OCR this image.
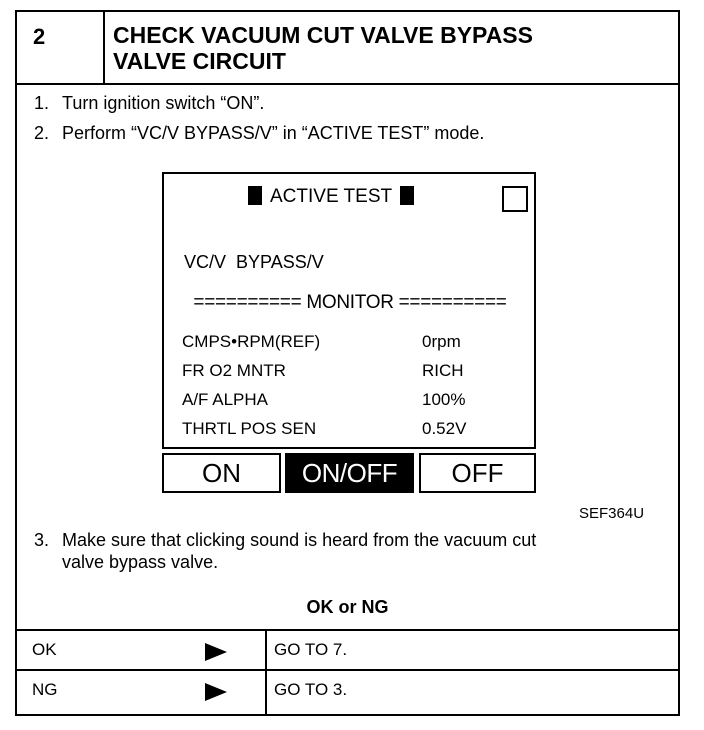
2	CHECK VACUUM CUT VALVE BYPASS
VALVE CIRCUIT
1. Turn ignition switch “ON”.
2. Perform “VC/V BYPASS/V” in “ACTIVE TEST” mode.
ACTIVE TEST
VC/V  BYPASS/V
========== MONITOR ==========
CMPS•RPM(REF)	0rpm
FR O2 MNTR	RICH
A/F ALPHA	100%
THRTL POS SEN	0.52V
ON	ON/OFF	OFF
SEF364U
3. Make sure that clicking sound is heard from the vacuum cut
valve bypass valve.
OK or NG
OK	GO TO 7.
NG	GO TO 3.
